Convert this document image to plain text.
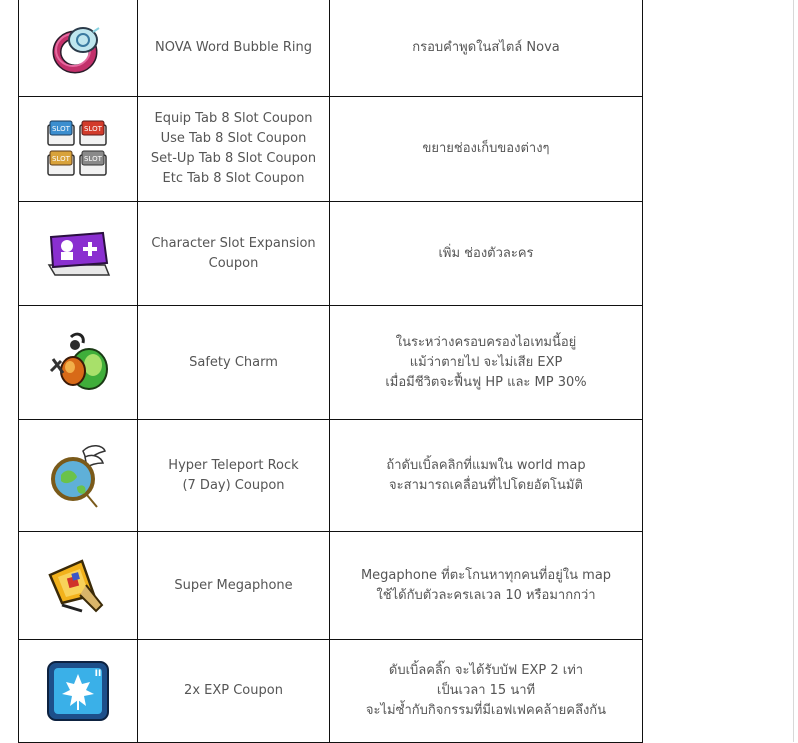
NOVA Word Bubble Ring	กรอบคำพูดในสไตล์ Nova

SLOT SLOT
SLOT SLOT	Equip Tab 8 Slot Coupon
Use Tab 8 Slot Coupon
Set-Up Tab 8 Slot Coupon
Etc Tab 8 Slot Coupon	ขยายช่องเก็บของต่างๆ

Character Slot Expansion
Coupon	เพิ่ม ช่องตัวละคร

Safety Charm	ในระหว่างครอบครองไอเทมนี้อยู่
แม้ว่าตายไป จะไม่เสีย EXP
เมื่อมีชีวิตจะฟื้นฟู HP และ MP 30%

Hyper Teleport Rock
(7 Day) Coupon	ถ้าดับเบิ้ลคลิกที่แมพใน world map
จะสามารถเคลื่อนที่ไปโดยอัตโนมัติ

Super Megaphone	Megaphone ที่ตะโกนหาทุกคนที่อยู่ใน map
ใช้ได้กับตัวละครเลเวล 10 หรือมากกว่า

II	2x EXP Coupon	ดับเบิ้ลคลิ๊ก จะได้รับบัฟ EXP 2 เท่า
เป็นเวลา 15 นาที
จะไม่ซ้ำกับกิจกรรมที่มีเอฟเฟคคล้ายคลึงกัน
